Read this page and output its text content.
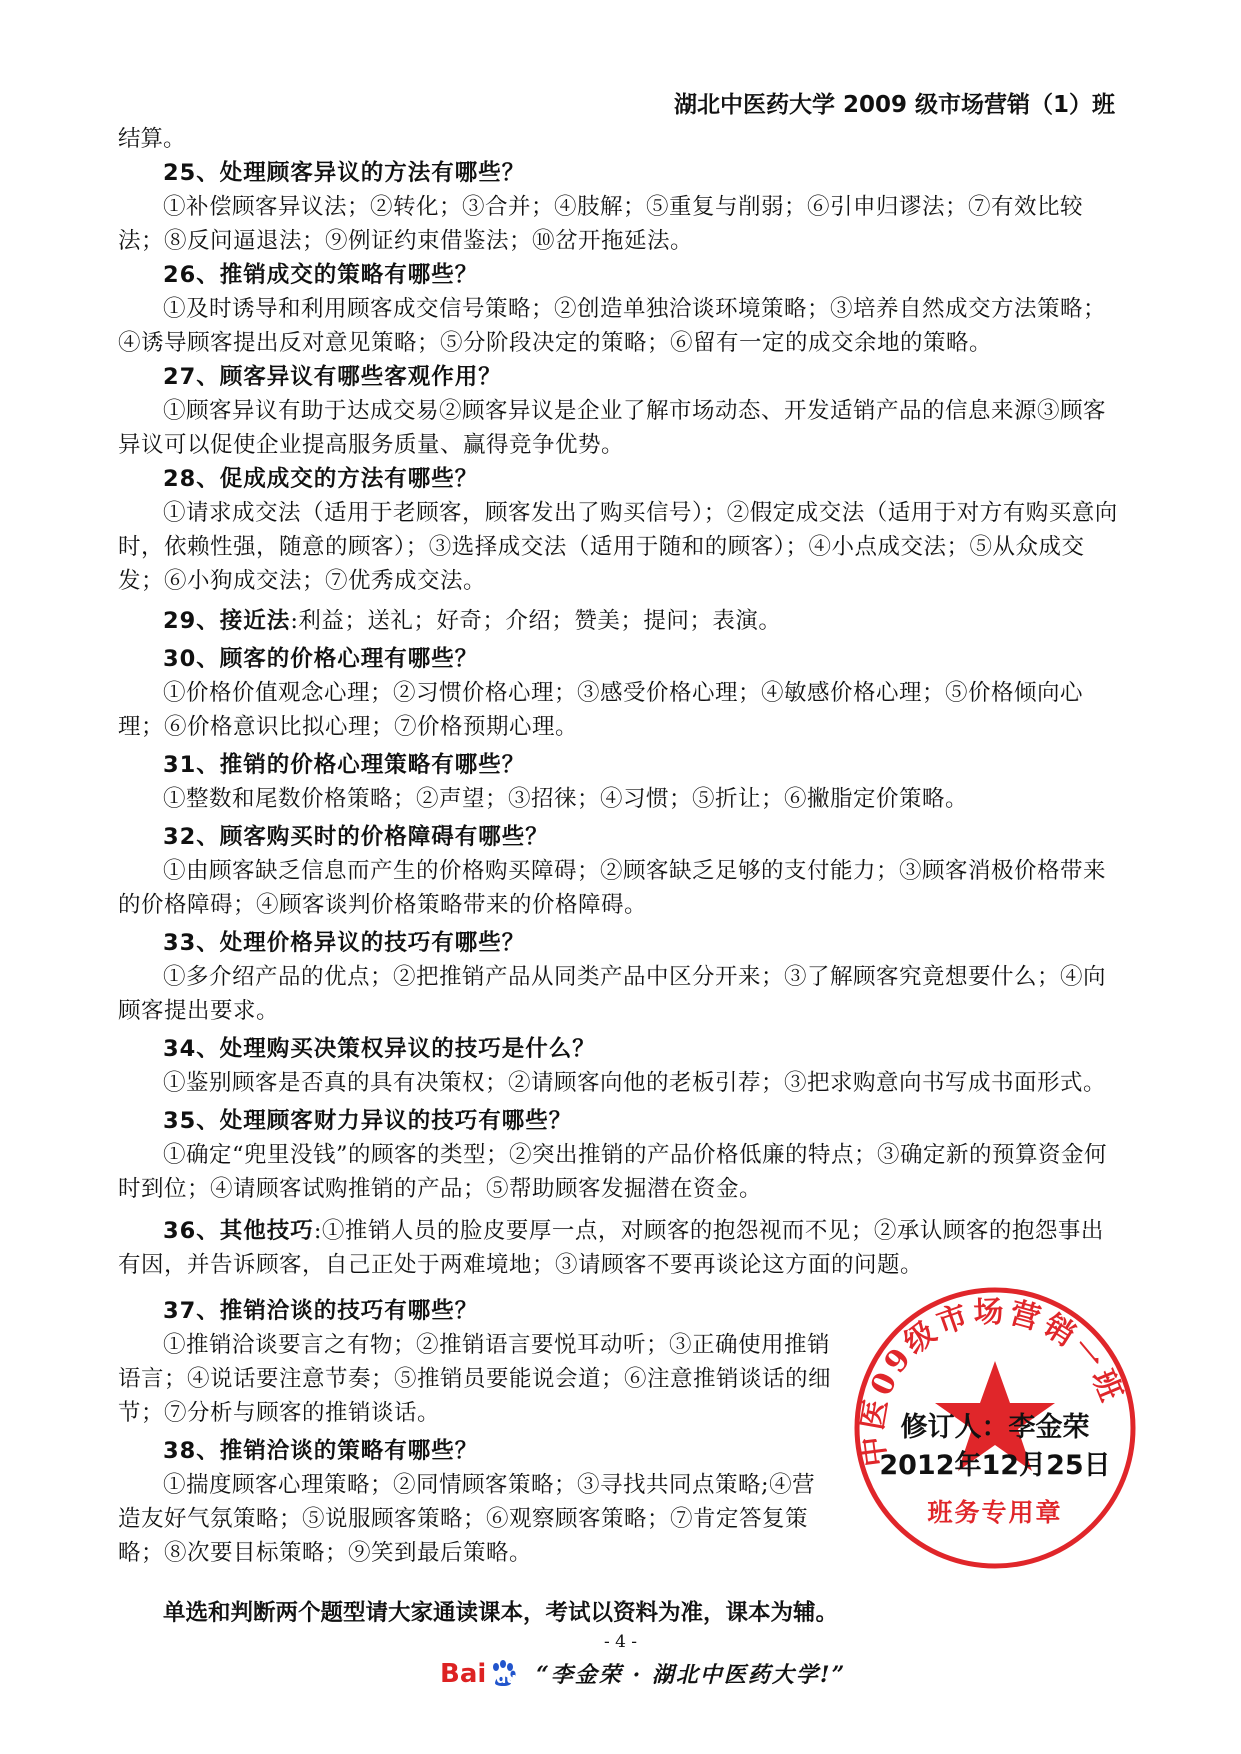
湖北中医药大学 2009 级市场营销（1）班

结算。

25、处理顾客异议的方法有哪些？

①补偿顾客异议法；②转化；③合并；④肢解；⑤重复与削弱；⑥引申归谬法；⑦有效比较法；⑧反问逼退法；⑨例证约束借鉴法；⑩岔开拖延法。

26、推销成交的策略有哪些？

①及时诱导和利用顾客成交信号策略；②创造单独洽谈环境策略；③培养自然成交方法策略；④诱导顾客提出反对意见策略；⑤分阶段决定的策略；⑥留有一定的成交余地的策略。

27、顾客异议有哪些客观作用？

①顾客异议有助于达成交易②顾客异议是企业了解市场动态、开发适销产品的信息来源③顾客异议可以促使企业提高服务质量、赢得竞争优势。

28、促成成交的方法有哪些？

①请求成交法（适用于老顾客，顾客发出了购买信号）；②假定成交法（适用于对方有购买意向时，依赖性强，随意的顾客）；③选择成交法（适用于随和的顾客）；④小点成交法；⑤从众成交发；⑥小狗成交法；⑦优秀成交法。

29、接近法:利益；送礼；好奇；介绍；赞美；提问；表演。

30、顾客的价格心理有哪些？

①价格价值观念心理；②习惯价格心理；③感受价格心理；④敏感价格心理；⑤价格倾向心理；⑥价格意识比拟心理；⑦价格预期心理。

31、推销的价格心理策略有哪些？

①整数和尾数价格策略；②声望；③招徕；④习惯；⑤折让；⑥撇脂定价策略。

32、顾客购买时的价格障碍有哪些？

①由顾客缺乏信息而产生的价格购买障碍；②顾客缺乏足够的支付能力；③顾客消极价格带来的价格障碍；④顾客谈判价格策略带来的价格障碍。

33、处理价格异议的技巧有哪些？

①多介绍产品的优点；②把推销产品从同类产品中区分开来；③了解顾客究竟想要什么；④向顾客提出要求。

34、处理购买决策权异议的技巧是什么？

①鉴别顾客是否真的具有决策权；②请顾客向他的老板引荐；③把求购意向书写成书面形式。

35、处理顾客财力异议的技巧有哪些？

①确定“兜里没钱”的顾客的类型；②突出推销的产品价格低廉的特点；③确定新的预算资金何时到位；④请顾客试购推销的产品；⑤帮助顾客发掘潜在资金。

36、其他技巧:①推销人员的脸皮要厚一点，对顾客的抱怨视而不见；②承认顾客的抱怨事出有因，并告诉顾客，自己正处于两难境地；③请顾客不要再谈论这方面的问题。

37、推销洽谈的技巧有哪些？

①推销洽谈要言之有物；②推销语言要悦耳动听；③正确使用推销语言；④说话要注意节奏；⑤推销员要能说会道；⑥注意推销谈话的细节；⑦分析与顾客的推销谈话。

38、推销洽谈的策略有哪些？

①揣度顾客心理策略；②同情顾客策略；③寻找共同点策略;④营造友好气氛策略；⑤说服顾客策略；⑥观察顾客策略；⑦肯定答复策略；⑧次要目标策略；⑨笑到最后策略。

单选和判断两个题型请大家通读课本，考试以资料为准，课本为辅。

- 4 -
Bai du “李金荣 · 湖北中医药大学!”
中医09级市场营销一班
修订人：李金荣
2012年12月25日
班务专用章
